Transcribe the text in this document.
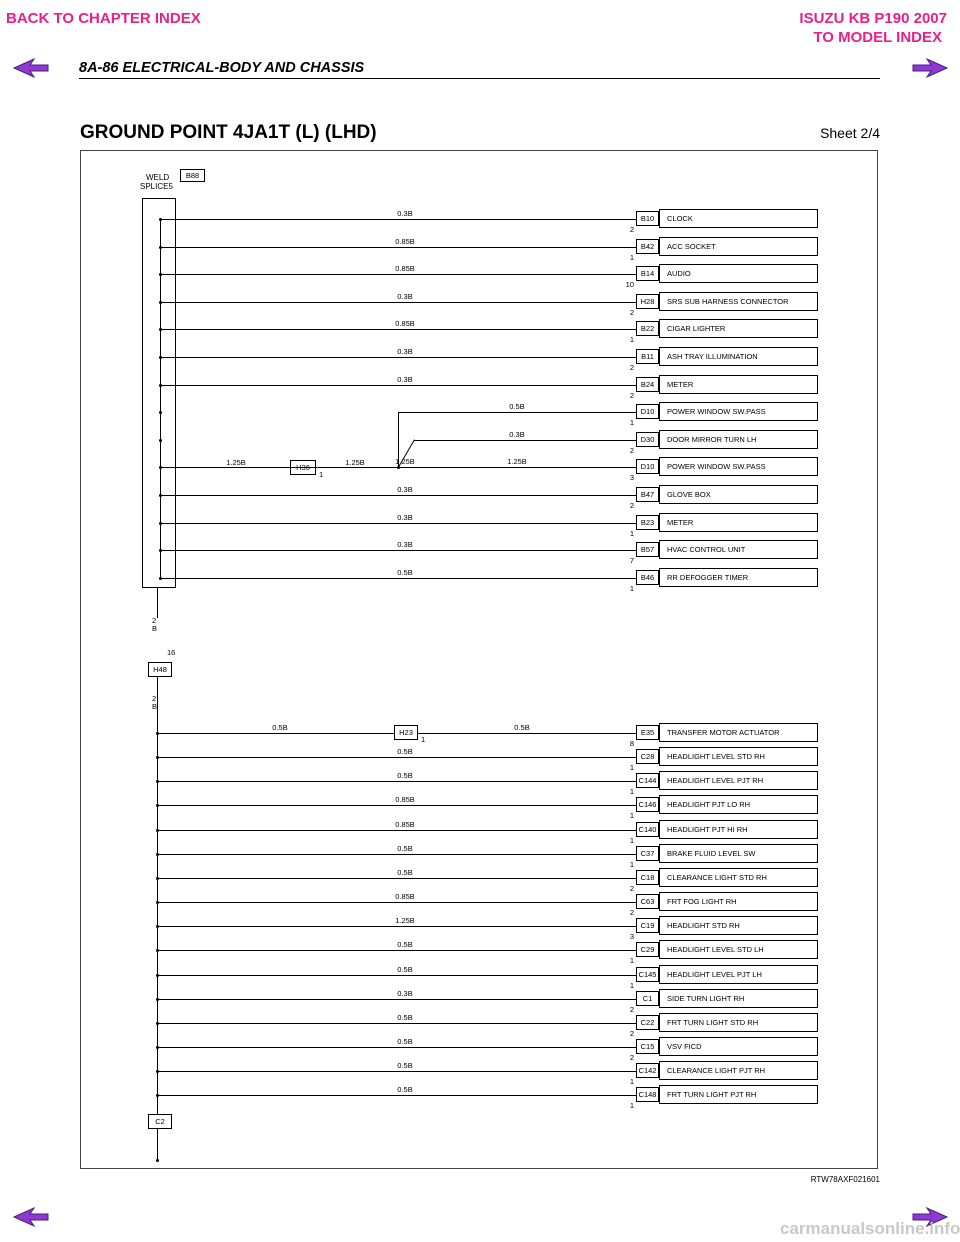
BACK TO CHAPTER INDEX	ISUZU KB P190 2007
TO MODEL INDEX
8A-86 ELECTRICAL-BODY AND CHASSIS
GROUND POINT 4JA1T (L) (LHD)	Sheet 2/4
WELD
SPLICE5
B88
2
B
16
H48
2
B
C2
1.25B
H36
1
1.25B
0.5B
H23
1
0.5B
0.3B
B10
2
CLOCK
0.85B
B42
1
ACC SOCKET
0.85B
B14
10
AUDIO
0.3B
H28
2
SRS SUB HARNESS CONNECTOR
0.85B
B22
1
CIGAR LIGHTER
0.3B
B11
2
ASH TRAY ILLUMINATION
0.3B
B24
2
METER
D10
1
POWER WINDOW SW.PASS
D30
2
DOOR MIRROR TURN LH
1.25B
D10
3
POWER WINDOW SW.PASS
0.3B
B47
2
GLOVE BOX
0.3B
B23
1
METER
0.3B
B57
7
HVAC CONTROL UNIT
0.5B
B46
1
RR DEFOGGER TIMER
0.5B
0.3B
1.25B
E35
8
TRANSFER MOTOR ACTUATOR
0.5B
C28
1
HEADLIGHT LEVEL STD RH
0.5B
C144
1
HEADLIGHT LEVEL PJT RH
0.85B
C146
1
HEADLIGHT PJT LO RH
0.85B
C140
1
HEADLIGHT PJT HI RH
0.5B
C37
1
BRAKE FLUID LEVEL SW
0.5B
C18
2
CLEARANCE LIGHT STD RH
0.85B
C63
2
FRT FOG LIGHT RH
1.25B
C19
3
HEADLIGHT STD RH
0.5B
C29
1
HEADLIGHT LEVEL STD LH
0.5B
C145
1
HEADLIGHT LEVEL PJT LH
0.3B
C1
2
SIDE TURN LIGHT RH
0.5B
C22
2
FRT TURN LIGHT STD RH
0.5B
C15
2
VSV FICD
0.5B
C142
1
CLEARANCE LIGHT PJT RH
0.5B
C148
1
FRT TURN LIGHT PJT RH
RTW78AXF021601
carmanualsonline.info
